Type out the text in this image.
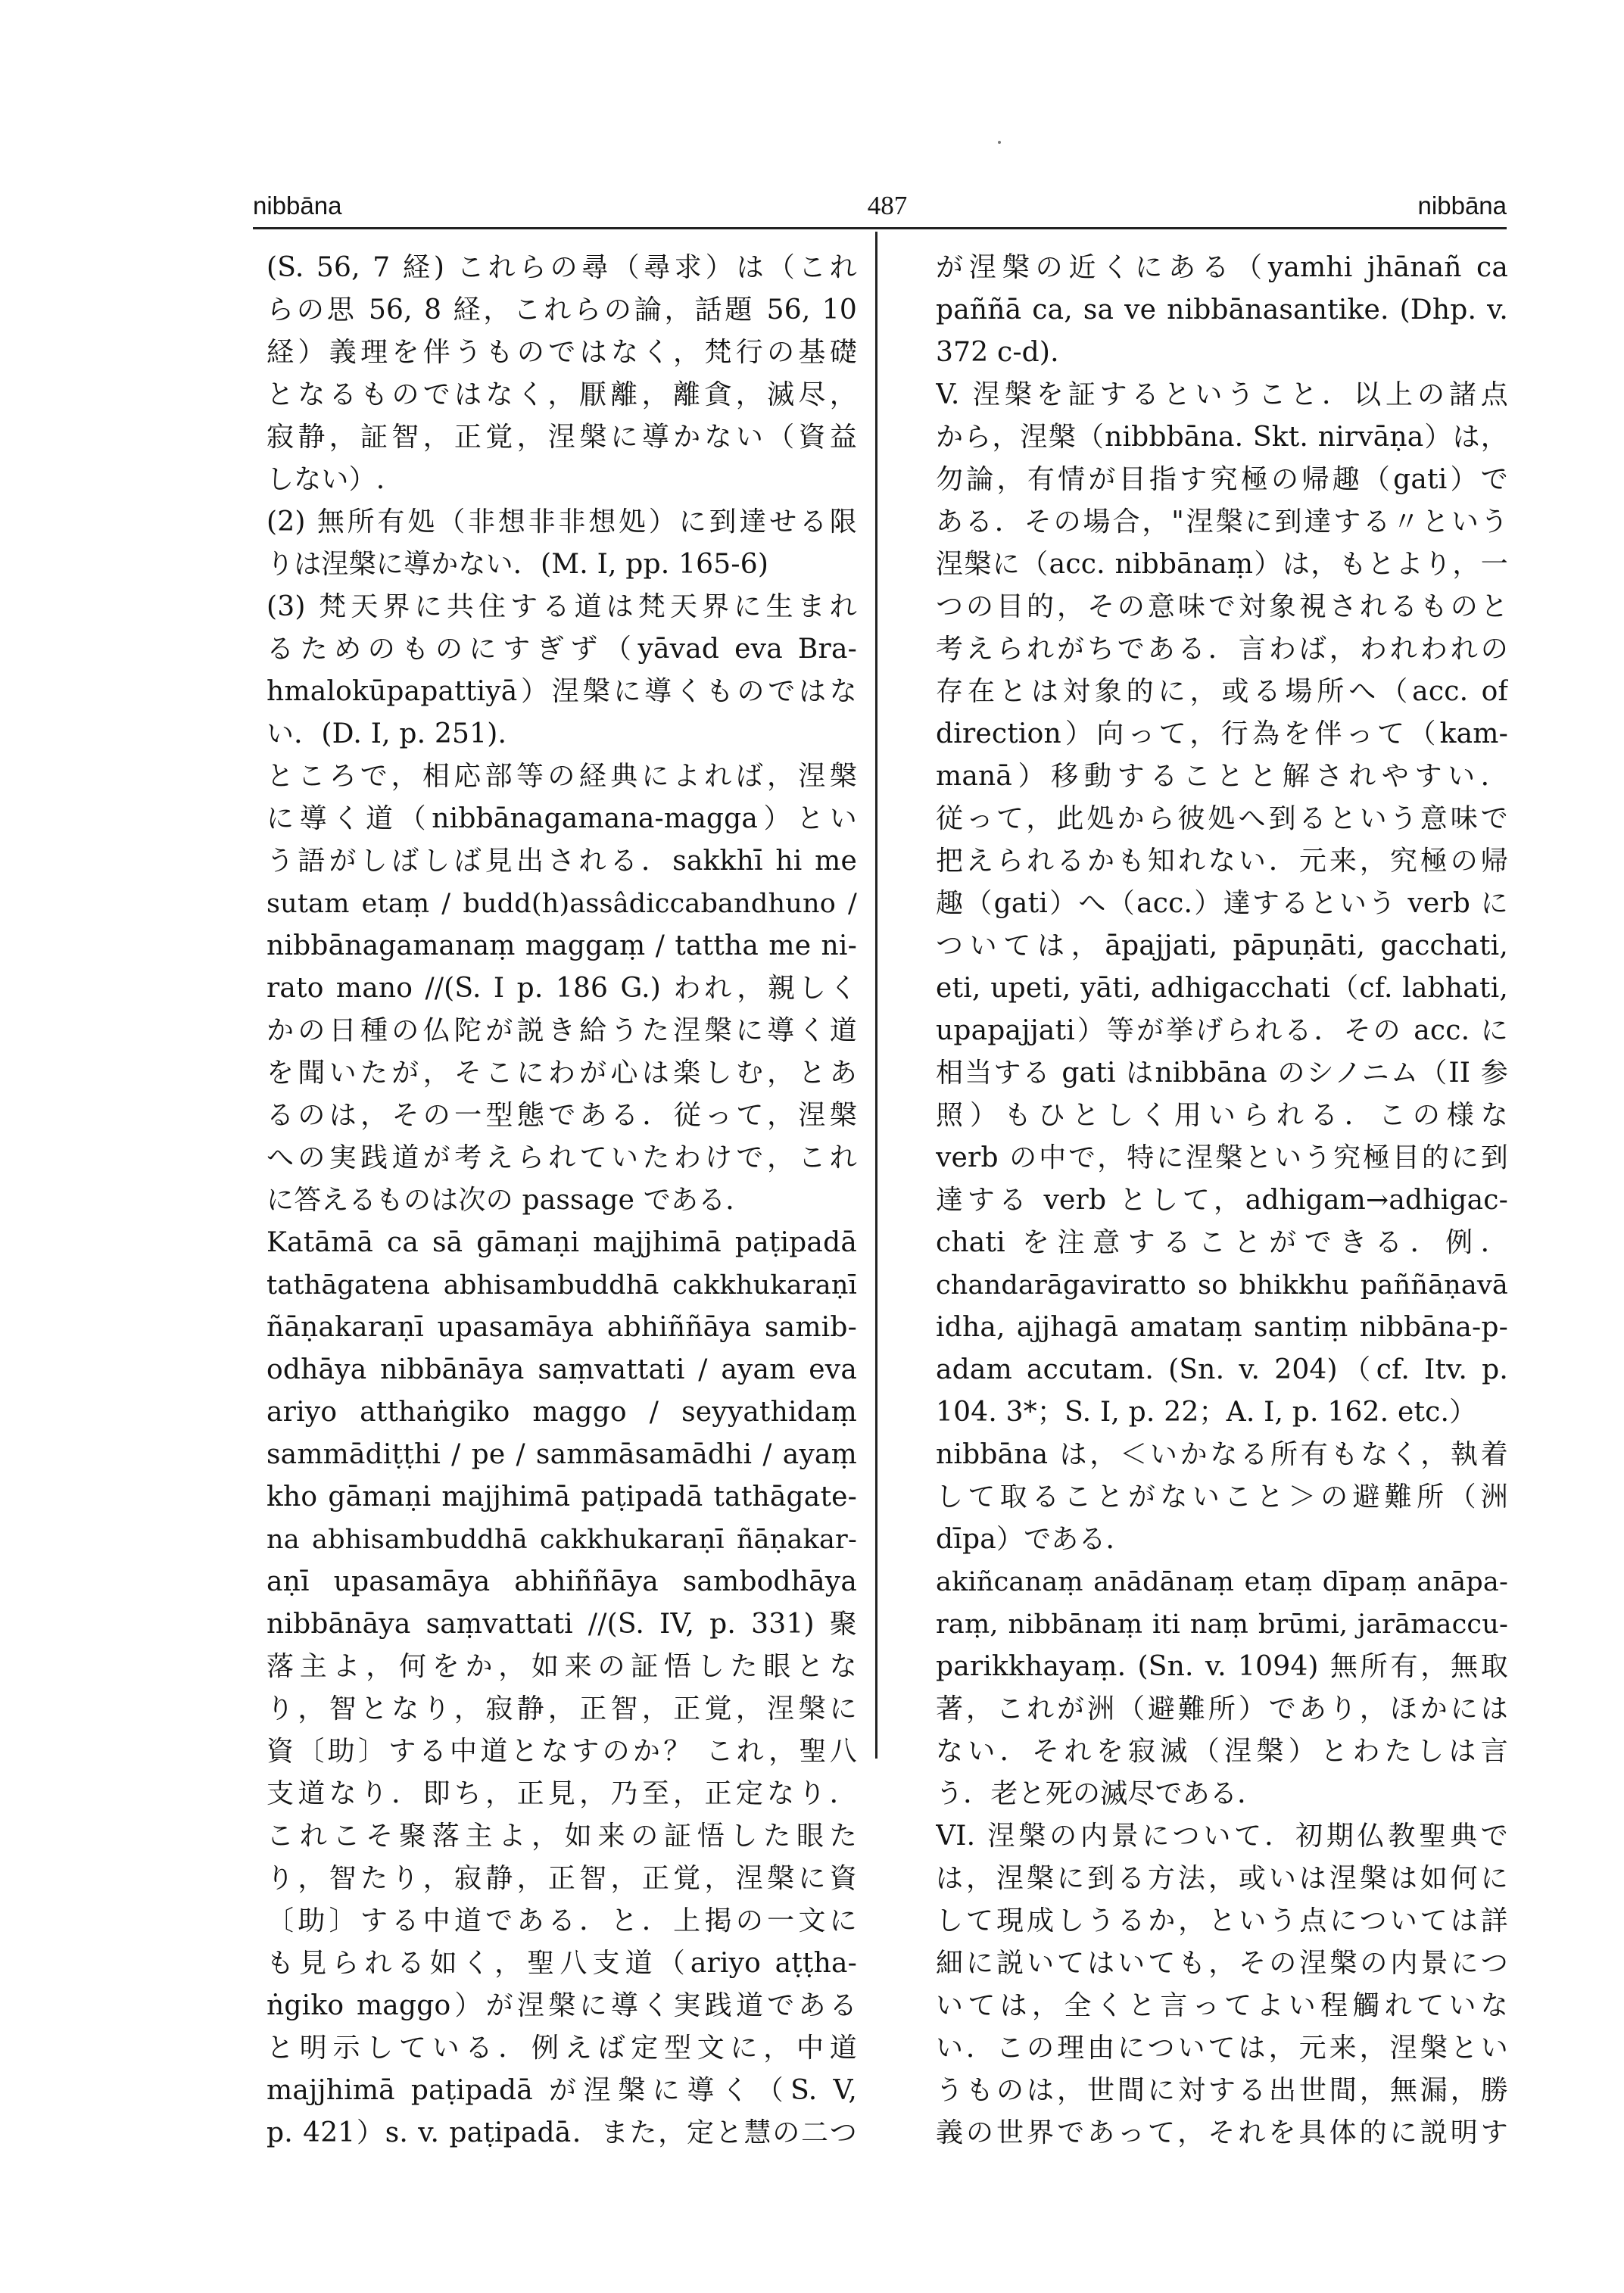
nibbāna	487	nibbāna
(S. 56, 7 経) これらの尋（尋求）は（これ
らの思 56, 8 経，これらの論，話題 56, 10
経）義理を伴うものではなく，梵行の基礎
となるものではなく，厭離，離貪，滅尽，
寂静，証智，正覚，涅槃に導かない（資益
しない）.
(2) 無所有処（非想非非想処）に到達せる限
りは涅槃に導かない．(M. I, pp. 165-6)
(3) 梵天界に共住する道は梵天界に生まれ
るためのものにすぎず（yāvad eva Bra-
hmalokūpapattiyā）涅槃に導くものではな
い．(D. I, p. 251).
ところで，相応部等の経典によれば，涅槃
に導く道（nibbānagamana-magga）とい
う語がしばしば見出される．sakkhī hi me
sutam etaṃ / budd(h)assâdiccabandhuno /
nibbānagamanaṃ maggaṃ / tattha me ni-
rato mano //(S. I p. 186 G.) われ，親しく
かの日種の仏陀が説き給うた涅槃に導く道
を聞いたが，そこにわが心は楽しむ，とあ
るのは，その一型態である．従って，涅槃
への実践道が考えられていたわけで，これ
に答えるものは次の passage である．
Katāmā ca sā gāmaṇi majjhimā paṭipadā
tathāgatena abhisambuddhā cakkhukaraṇī
ñāṇakaraṇī upasamāya abhiññāya samib-
odhāya nibbānāya saṃvattati / ayam eva
ariyo atthaṅgiko maggo / seyyathidaṃ
sammādiṭṭhi / pe / sammāsamādhi / ayaṃ
kho gāmaṇi majjhimā paṭipadā tathāgate-
na abhisambuddhā cakkhukaraṇī ñāṇakar-
aṇī upasamāya abhiññāya sambodhāya
nibbānāya saṃvattati //(S. IV, p. 331) 聚
落主よ，何をか，如来の証悟した眼とな
り，智となり，寂静，正智，正覚，涅槃に
資〔助〕する中道となすのか？ これ，聖八
支道なり．即ち，正見，乃至，正定なり．
これこそ聚落主よ，如来の証悟した眼た
り，智たり，寂静，正智，正覚，涅槃に資
〔助〕する中道である．と．上掲の一文に
も見られる如く，聖八支道（ariyo aṭṭha-
ṅgiko maggo）が涅槃に導く実践道である
と明示している．例えば定型文に，中道
majjhimā paṭipadā が涅槃に導く（S. V,
p. 421）s. v. paṭipadā．また，定と慧の二つ
が涅槃の近くにある（yamhi jhānañ ca
paññā ca, sa ve nibbānasantike. (Dhp. v.
372 c-d).
V. 涅槃を証するということ．以上の諸点
から，涅槃（nibbbāna. Skt. nirvāṇa）は，
勿論，有情が目指す究極の帰趣（gati）で
ある．その場合，"涅槃に到達する〃という
涅槃に（acc. nibbānaṃ）は，もとより，一
つの目的，その意味で対象視されるものと
考えられがちである．言わば，われわれの
存在とは対象的に，或る場所へ（acc. of
direction）向って，行為を伴って（kam-
manā）移動することと解されやすい．
従って，此処から彼処へ到るという意味で
把えられるかも知れない．元来，究極の帰
趣（gati）へ（acc.）達するという verb に
ついては，āpajjati, pāpuṇāti, gacchati,
eti, upeti, yāti, adhigacchati（cf. labhati,
upapajjati）等が挙げられる．その acc. に
相当する gati はnibbāna のシノニム（II 参
照）もひとしく用いられる．この様な
verb の中で，特に涅槃という究極目的に到
達する verb として，adhigam→adhigac-
chati を注意することができる．例．
chandarāgaviratto so bhikkhu paññāṇavā
idha, ajjhagā amataṃ santiṃ nibbāna-p-
adam accutam. (Sn. v. 204)（cf. Itv. p.
104. 3*；S. I, p. 22；A. I, p. 162. etc.）
nibbāna は，＜いかなる所有もなく，執着
して取ることがないこと＞の避難所（洲
dīpa）である．
akiñcanaṃ anādānaṃ etaṃ dīpaṃ anāpa-
raṃ, nibbānaṃ iti naṃ brūmi, jarāmaccu-
parikkhayaṃ. (Sn. v. 1094) 無所有，無取
著，これが洲（避難所）であり，ほかには
ない．それを寂滅（涅槃）とわたしは言
う．老と死の滅尽である．
VI. 涅槃の内景について．初期仏教聖典で
は，涅槃に到る方法，或いは涅槃は如何に
して現成しうるか，という点については詳
細に説いてはいても，その涅槃の内景につ
いては，全くと言ってよい程觸れていな
い．この理由については，元来，涅槃とい
うものは，世間に対する出世間，無漏，勝
義の世界であって，それを具体的に説明す
